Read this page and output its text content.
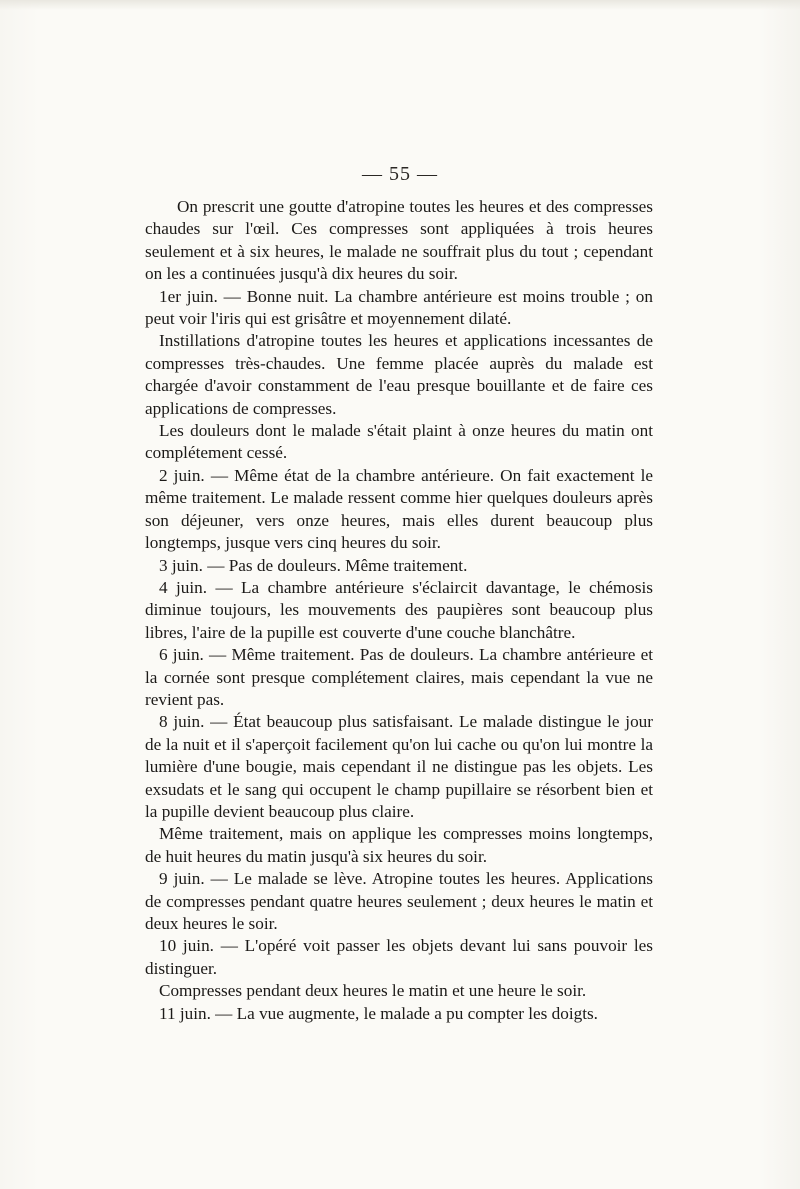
— 55 —

On prescrit une goutte d'atropine toutes les heures et des compresses chaudes sur l'œil. Ces compresses sont appliquées à trois heures seulement et à six heures, le malade ne souffrait plus du tout ; cependant on les a continuées jusqu'à dix heures du soir.

1er juin. — Bonne nuit. La chambre antérieure est moins trouble ; on peut voir l'iris qui est grisâtre et moyennement dilaté.

Instillations d'atropine toutes les heures et applications incessantes de compresses très-chaudes. Une femme placée auprès du malade est chargée d'avoir constamment de l'eau presque bouillante et de faire ces applications de compresses.

Les douleurs dont le malade s'était plaint à onze heures du matin ont complétement cessé.

2 juin. — Même état de la chambre antérieure. On fait exactement le même traitement. Le malade ressent comme hier quelques douleurs après son déjeuner, vers onze heures, mais elles durent beaucoup plus longtemps, jusque vers cinq heures du soir.

3 juin. — Pas de douleurs. Même traitement.

4 juin. — La chambre antérieure s'éclaircit davantage, le chémosis diminue toujours, les mouvements des paupières sont beaucoup plus libres, l'aire de la pupille est couverte d'une couche blanchâtre.

6 juin. — Même traitement. Pas de douleurs. La chambre antérieure et la cornée sont presque complétement claires, mais cependant la vue ne revient pas.

8 juin. — État beaucoup plus satisfaisant. Le malade distingue le jour de la nuit et il s'aperçoit facilement qu'on lui cache ou qu'on lui montre la lumière d'une bougie, mais cependant il ne distingue pas les objets. Les exsudats et le sang qui occupent le champ pupillaire se résorbent bien et la pupille devient beaucoup plus claire.

Même traitement, mais on applique les compresses moins longtemps, de huit heures du matin jusqu'à six heures du soir.

9 juin. — Le malade se lève. Atropine toutes les heures. Applications de compresses pendant quatre heures seulement ; deux heures le matin et deux heures le soir.

10 juin. — L'opéré voit passer les objets devant lui sans pouvoir les distinguer.

Compresses pendant deux heures le matin et une heure le soir.

11 juin. — La vue augmente, le malade a pu compter les doigts.
